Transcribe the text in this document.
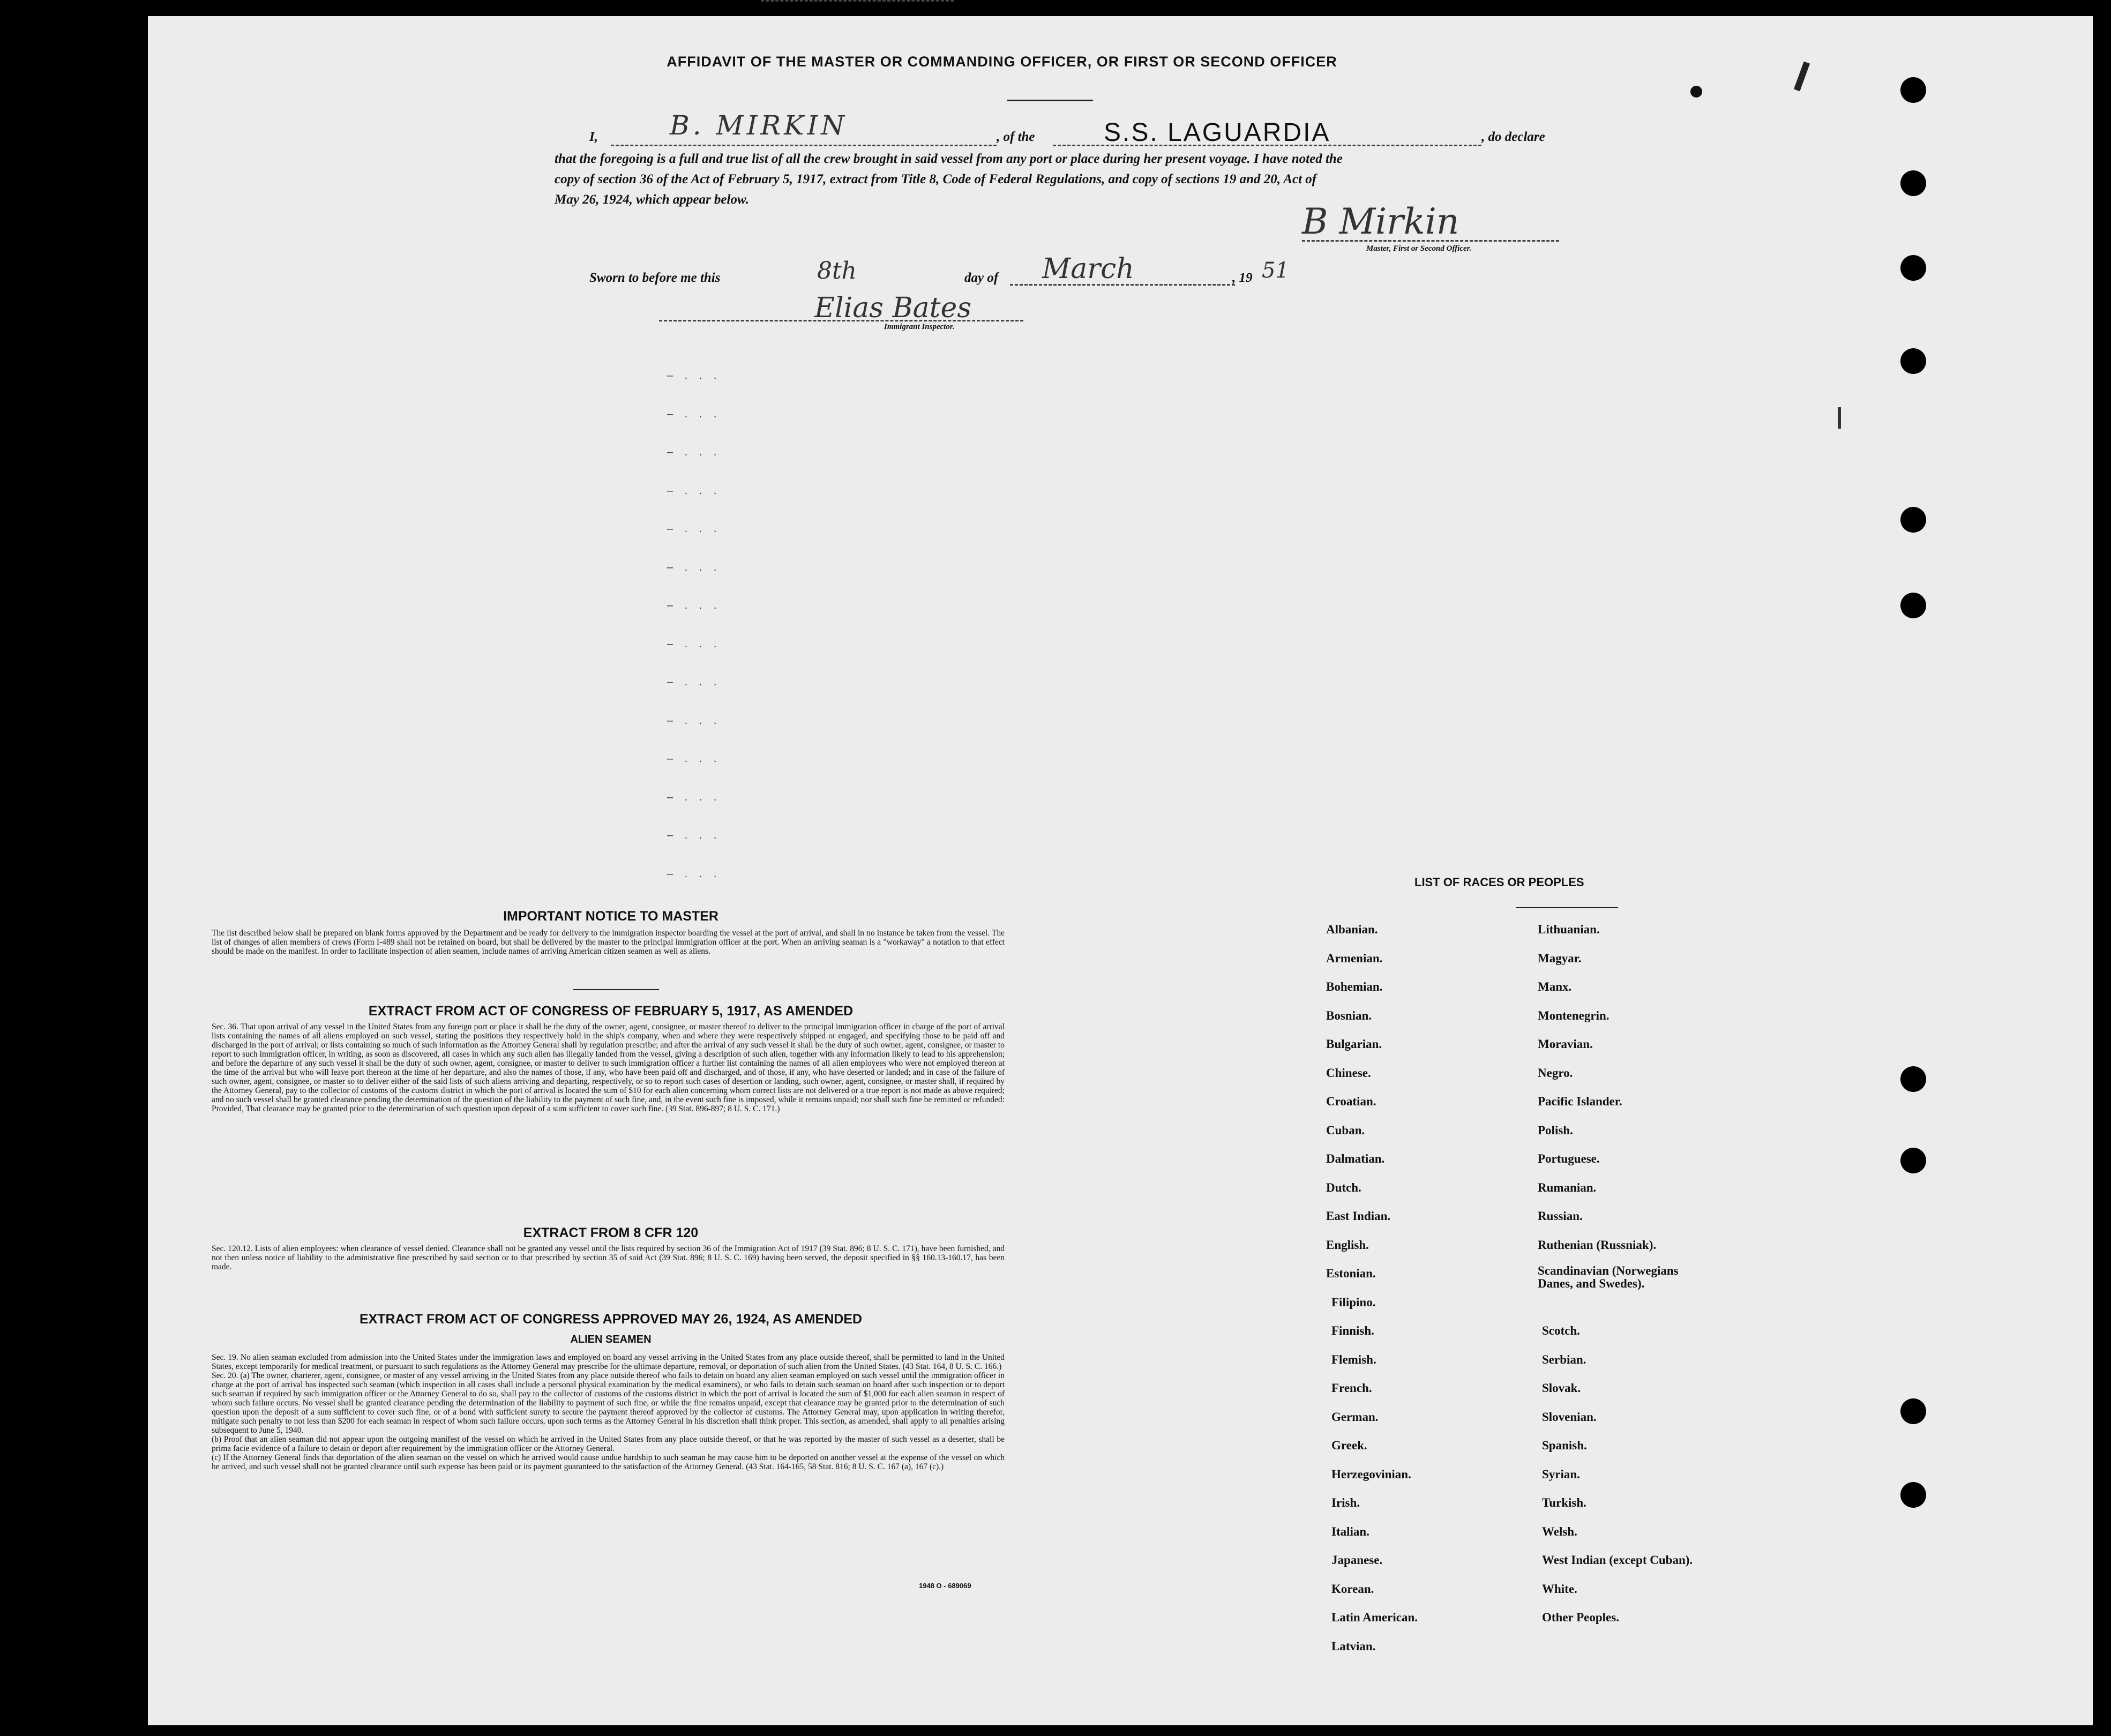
AFFIDAVIT OF THE MASTER OR COMMANDING OFFICER, OR FIRST OR SECOND OFFICER
I,	B. MIRKIN	, of the	S.S. LAGUARDIA	, do declare
that the foregoing is a full and true list of all the crew brought in said vessel from any port or place during her present voyage. I have noted the
copy of section 36 of the Act of February 5, 1917, extract from Title 8, Code of Federal Regulations, and copy of sections 19 and 20, Act of
May 26, 1924, which appear below.
B Mirkin
Master, First or Second Officer.
Sworn to before me this	8th	day of March	, 19 51
Elias Bates
Immigrant Inspector.
– . . .
– . . .
– . . .
– . . .
– . . .
– . . .
– . . .
– . . .
– . . .
– . . .
– . . .
– . . .
– . . .
– . . .
IMPORTANT NOTICE TO MASTER
The list described below shall be prepared on blank forms approved by the Department and be ready for delivery to the immigration inspector boarding the vessel at the port of arrival, and shall in no instance be taken from the vessel. The list of changes of alien members of crews (Form I-489 shall not be retained on board, but shall be delivered by the master to the principal immigration officer at the port. When an arriving seaman is a "workaway" a notation to that effect should be made on the manifest. In order to facilitate inspection of alien seamen, include names of arriving American citizen seamen as well as aliens.
EXTRACT FROM ACT OF CONGRESS OF FEBRUARY 5, 1917, AS AMENDED
Sec. 36. That upon arrival of any vessel in the United States from any foreign port or place it shall be the duty of the owner, agent, consignee, or master thereof to deliver to the principal immigration officer in charge of the port of arrival lists containing the names of all aliens employed on such vessel, stating the positions they respectively hold in the ship's company, when and where they were respectively shipped or engaged, and specifying those to be paid off and discharged in the port of arrival; or lists containing so much of such information as the Attorney General shall by regulation prescribe; and after the arrival of any such vessel it shall be the duty of such owner, agent, consignee, or master to report to such immigration officer, in writing, as soon as discovered, all cases in which any such alien has illegally landed from the vessel, giving a description of such alien, together with any information likely to lead to his apprehension; and before the departure of any such vessel it shall be the duty of such owner, agent, consignee, or master to deliver to such immigration officer a further list containing the names of all alien employees who were not employed thereon at the time of the arrival but who will leave port thereon at the time of her departure, and also the names of those, if any, who have been paid off and discharged, and of those, if any, who have deserted or landed; and in case of the failure of such owner, agent, consignee, or master so to deliver either of the said lists of such aliens arriving and departing, respectively, or so to report such cases of desertion or landing, such owner, agent, consignee, or master shall, if required by the Attorney General, pay to the collector of customs of the customs district in which the port of arrival is located the sum of $10 for each alien concerning whom correct lists are not delivered or a true report is not made as above required; and no such vessel shall be granted clearance pending the determination of the question of the liability to the payment of such fine, and, in the event such fine is imposed, while it remains unpaid; nor shall such fine be remitted or refunded: Provided, That clearance may be granted prior to the determination of such question upon deposit of a sum sufficient to cover such fine. (39 Stat. 896-897; 8 U. S. C. 171.)
EXTRACT FROM 8 CFR 120
Sec. 120.12. Lists of alien employees: when clearance of vessel denied. Clearance shall not be granted any vessel until the lists required by section 36 of the Immigration Act of 1917 (39 Stat. 896; 8 U. S. C. 171), have been furnished, and not then unless notice of liability to the administrative fine prescribed by said section or to that prescribed by section 35 of said Act (39 Stat. 896; 8 U. S. C. 169) having been served, the deposit specified in §§ 160.13-160.17, has been made.
EXTRACT FROM ACT OF CONGRESS APPROVED MAY 26, 1924, AS AMENDED
ALIEN SEAMEN
Sec. 19. No alien seaman excluded from admission into the United States under the immigration laws and employed on board any vessel arriving in the United States from any place outside thereof, shall be permitted to land in the United States, except temporarily for medical treatment, or pursuant to such regulations as the Attorney General may prescribe for the ultimate departure, removal, or deportation of such alien from the United States. (43 Stat. 164, 8 U. S. C. 166.)
Sec. 20. (a) The owner, charterer, agent, consignee, or master of any vessel arriving in the United States from any place outside thereof who fails to detain on board any alien seaman employed on such vessel until the immigration officer in charge at the port of arrival has inspected such seaman (which inspection in all cases shall include a personal physical examination by the medical examiners), or who fails to detain such seaman on board after such inspection or to deport such seaman if required by such immigration officer or the Attorney General to do so, shall pay to the collector of customs of the customs district in which the port of arrival is located the sum of $1,000 for each alien seaman in respect of whom such failure occurs. No vessel shall be granted clearance pending the determination of the liability to payment of such fine, or while the fine remains unpaid, except that clearance may be granted prior to the determination of such question upon the deposit of a sum sufficient to cover such fine, or of a bond with sufficient surety to secure the payment thereof approved by the collector of customs. The Attorney General may, upon application in writing therefor, mitigate such penalty to not less than $200 for each seaman in respect of whom such failure occurs, upon such terms as the Attorney General in his discretion shall think proper. This section, as amended, shall apply to all penalties arising subsequent to June 5, 1940.
(b) Proof that an alien seaman did not appear upon the outgoing manifest of the vessel on which he arrived in the United States from any place outside thereof, or that he was reported by the master of such vessel as a deserter, shall be prima facie evidence of a failure to detain or deport after requirement by the immigration officer or the Attorney General.
(c) If the Attorney General finds that deportation of the alien seaman on the vessel on which he arrived would cause undue hardship to such seaman he may cause him to be deported on another vessel at the expense of the vessel on which he arrived, and such vessel shall not be granted clearance until such expense has been paid or its payment guaranteed to the satisfaction of the Attorney General. (43 Stat. 164-165, 58 Stat. 816; 8 U. S. C. 167 (a), 167 (c).)
1948 O - 689069
LIST OF RACES OR PEOPLES
Albanian.
Armenian.
Bohemian.
Bosnian.
Bulgarian.
Chinese.
Croatian.
Cuban.
Dalmatian.
Dutch.
East Indian.
English.
Estonian.
Filipino.
Finnish.
Flemish.
French.
German.
Greek.
Herzegovinian.
Irish.
Italian.
Japanese.
Korean.
Latin American.
Latvian.
Lithuanian.
Magyar.
Manx.
Montenegrin.
Moravian.
Negro.
Pacific Islander.
Polish.
Portuguese.
Rumanian.
Russian.
Ruthenian (Russniak).
Scandinavian (Norwegians Danes, and Swedes).
Scotch.
Serbian.
Slovak.
Slovenian.
Spanish.
Syrian.
Turkish.
Welsh.
West Indian (except Cuban).
White.
Other Peoples.
